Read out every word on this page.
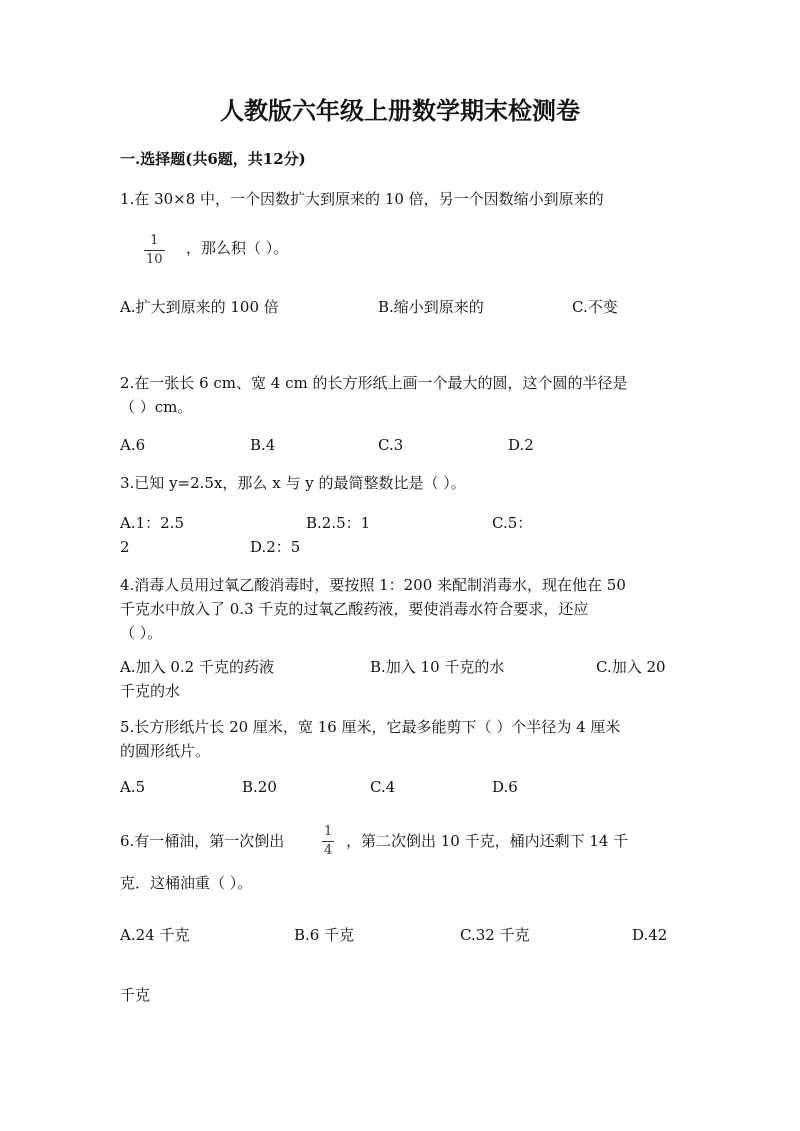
人教版六年级上册数学期末检测卷
一.选择题(共6题，共12分)
1.在 30×8 中，一个因数扩大到原来的 10 倍，另一个因数缩小到原来的
1
10
，那么积（ ）。
A.扩大到原来的 100 倍	B.缩小到原来的	C.不变
2.在一张长 6 cm、宽 4 cm 的长方形纸上画一个最大的圆，这个圆的半径是
（ ）cm。
A.6	B.4	C.3	D.2
3.已知 y=2.5x，那么 x 与 y 的最简整数比是（ ）。
A.1：2.5	B.2.5：1	C.5：
2	D.2：5
4.消毒人员用过氧乙酸消毒时，要按照 1：200 来配制消毒水，现在他在 50
千克水中放入了 0.3 千克的过氧乙酸药液，要使消毒水符合要求，还应
（ ）。
A.加入 0.2 千克的药液	B.加入 10 千克的水	C.加入 20
千克的水
5.长方形纸片长 20 厘米，宽 16 厘米，它最多能剪下（ ）个半径为 4 厘米
的圆形纸片。
A.5	B.20	C.4	D.6
6.有一桶油，第一次倒出
1
4
，第二次倒出 10 千克，桶内还剩下 14 千
克．这桶油重（ ）。
A.24 千克	B.6 千克	C.32 千克	D.42
千克
